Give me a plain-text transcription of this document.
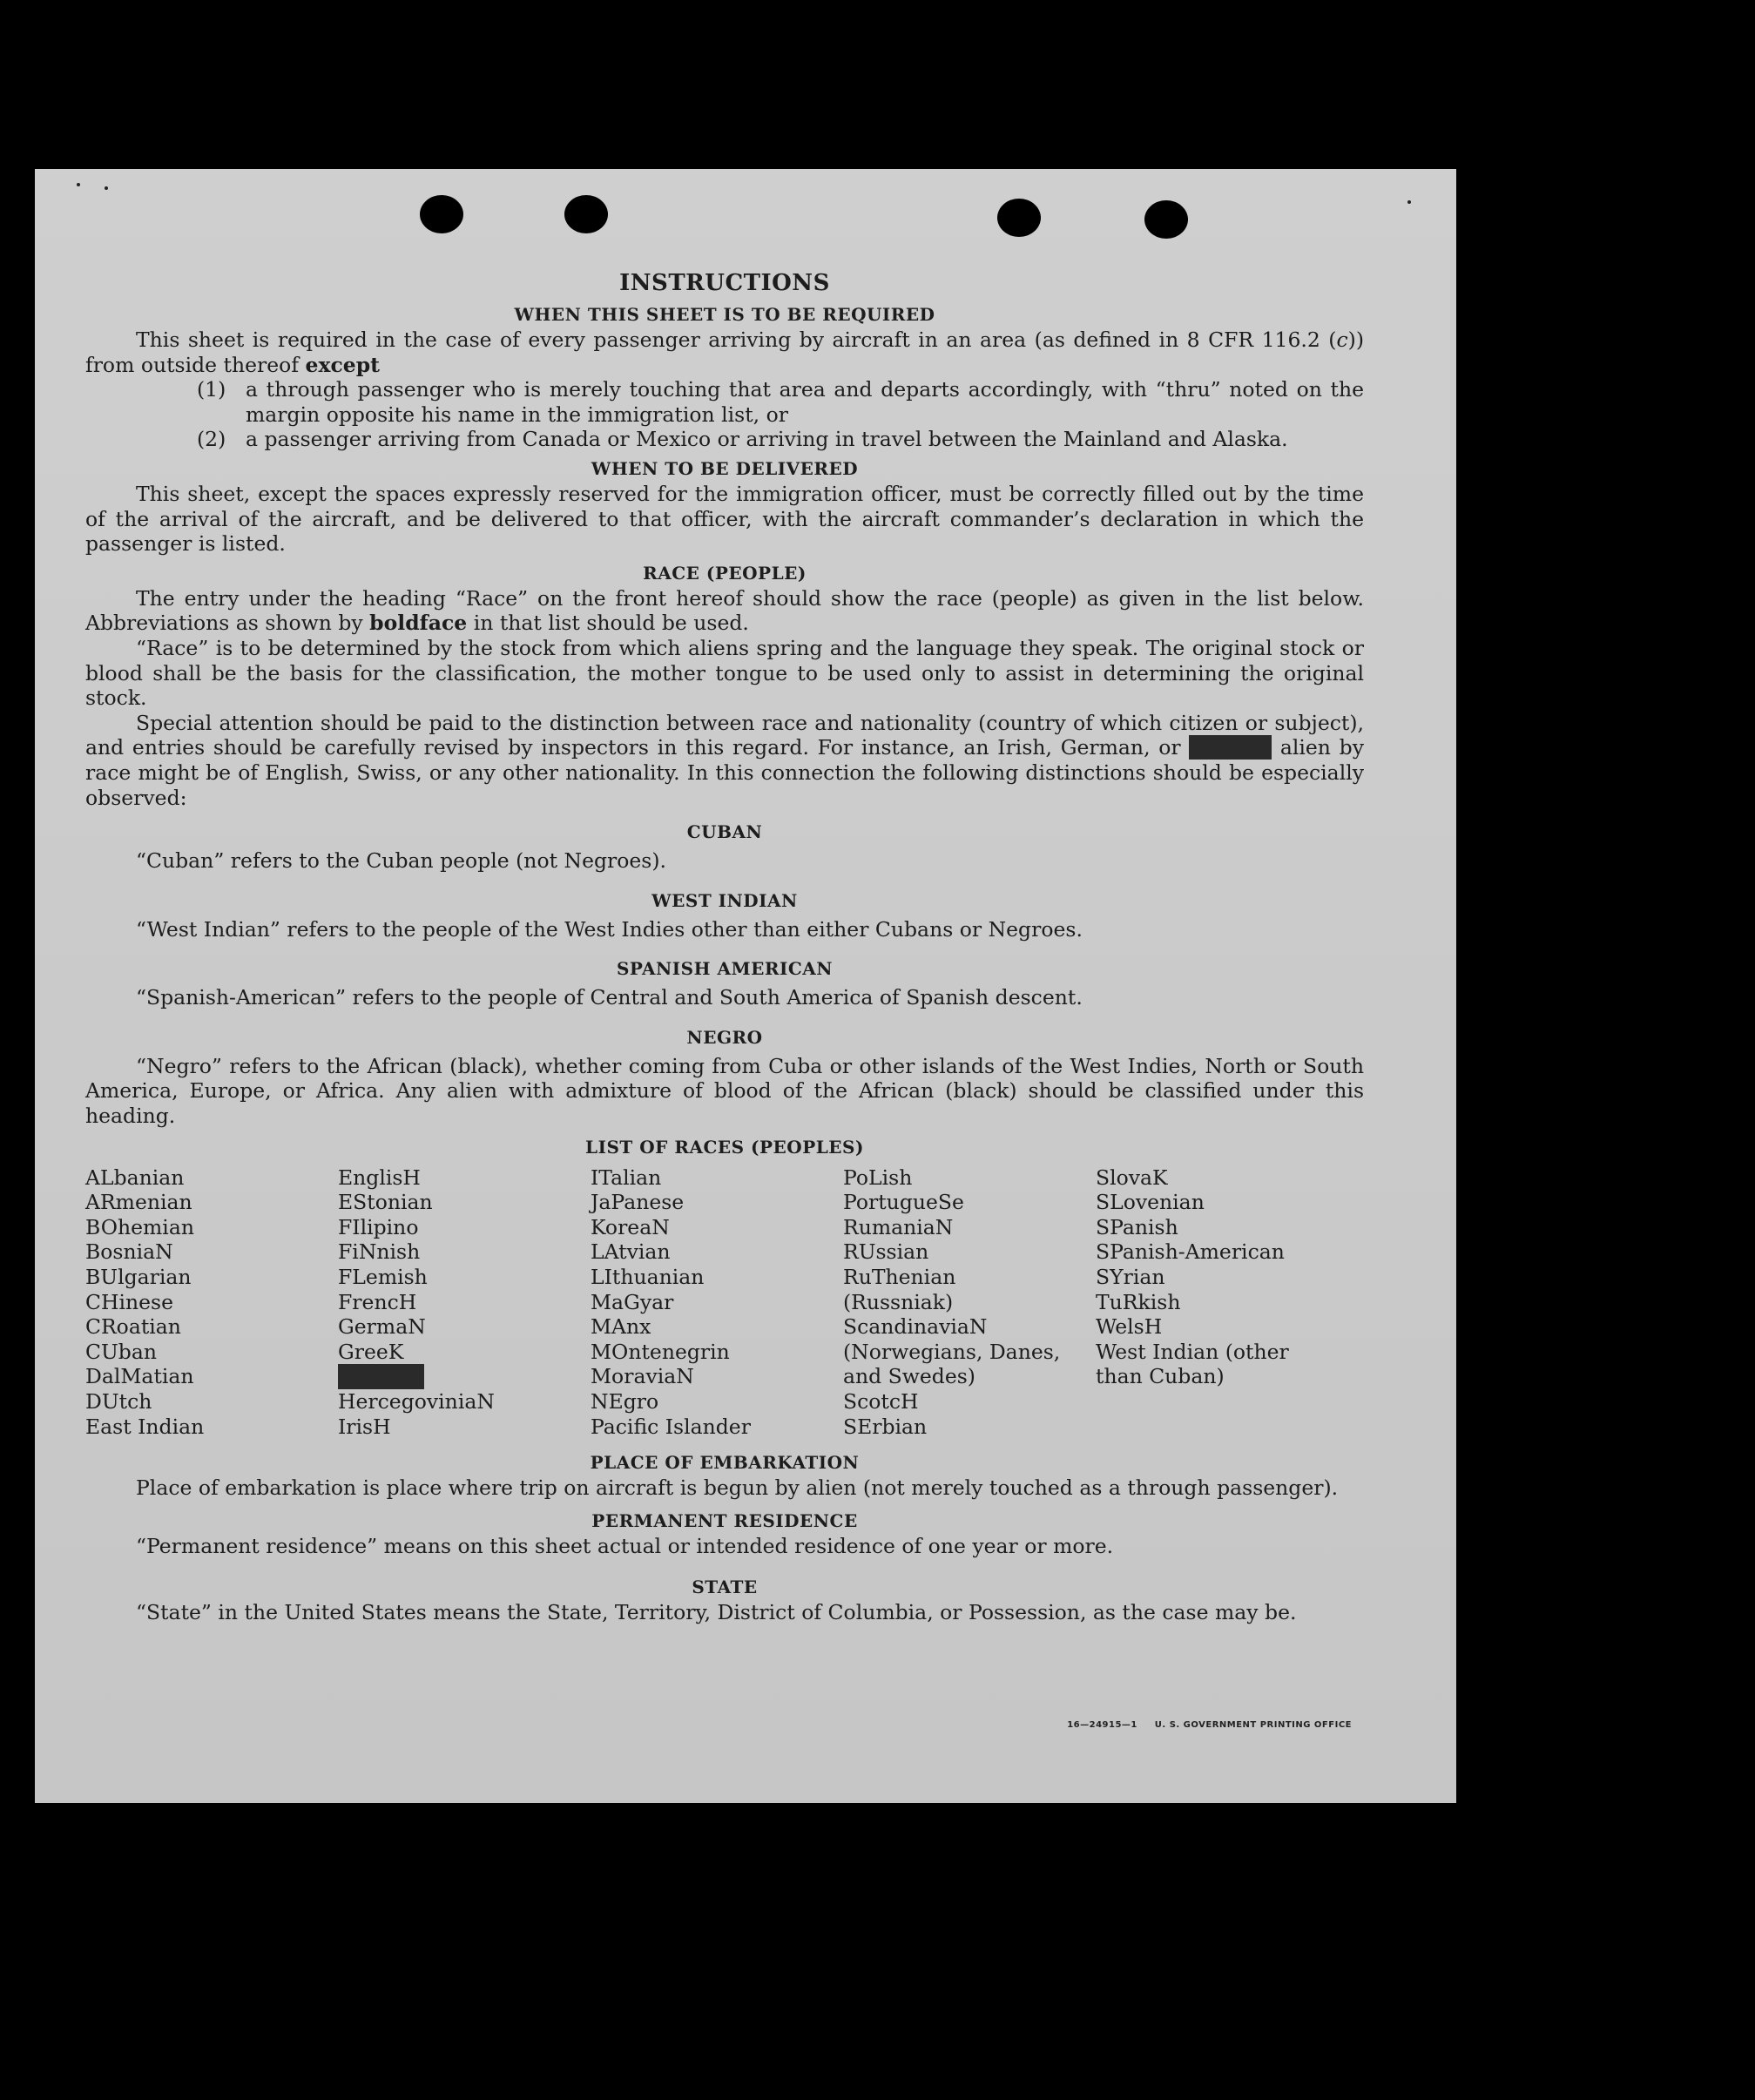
INSTRUCTIONS
WHEN THIS SHEET IS TO BE REQUIRED

This sheet is required in the case of every passenger arriving by aircraft in an area (as defined in 8 CFR 116.2 (c)) from outside thereof except

(1) a through passenger who is merely touching that area and departs accordingly, with “thru” noted on the margin opposite his name in the immigration list, or
(2) a passenger arriving from Canada or Mexico or arriving in travel between the Mainland and Alaska.
WHEN TO BE DELIVERED

This sheet, except the spaces expressly reserved for the immigration officer, must be correctly filled out by the time of the arrival of the aircraft, and be delivered to that officer, with the aircraft commander’s declaration in which the passenger is listed.

RACE (PEOPLE)

The entry under the heading “Race” on the front hereof should show the race (people) as given in the list below. Abbreviations as shown by boldface in that list should be used.

“Race” is to be determined by the stock from which aliens spring and the language they speak. The original stock or blood shall be the basis for the classification, the mother tongue to be used only to assist in determining the original stock.

Special attention should be paid to the distinction between race and nationality (country of which citizen or subject), and entries should be carefully revised by inspectors in this regard. For instance, an Irish, German, or Hebrew alien by race might be of English, Swiss, or any other nationality. In this connection the following distinctions should be especially observed:

CUBAN

“Cuban” refers to the Cuban people (not Negroes).

WEST INDIAN

“West Indian” refers to the people of the West Indies other than either Cubans or Negroes.

SPANISH AMERICAN

“Spanish-American” refers to the people of Central and South America of Spanish descent.

NEGRO

“Negro” refers to the African (black), whether coming from Cuba or other islands of the West Indies, North or South America, Europe, or Africa. Any alien with admixture of blood of the African (black) should be classified under this heading.

LIST OF RACES (PEOPLES)
ALbanian
ARmenian
BOhemian
BosniaN
BUlgarian
CHinese
CRoatian
CUban
DalMatian
DUtch
East Indian
EnglisH
EStonian
FIlipino
FiNnish
FLemish
FrencH
GermaN
GreeK
HebreW
HercegoviniaN
IrisH
ITalian
JaPanese
KoreaN
LAtvian
LIthuanian
MaGyar
MAnx
MOntenegrin
MoraviaN
NEgro
Pacific Islander
PoLish
PortugueSe
RumaniaN
RUssian
RuThenian (Russniak)
ScandinaviaN (Norwegians, Danes, and Swedes)
ScotcH
SErbian
SlovaK
SLovenian
SPanish
SPanish-American
SYrian
TuRkish
WelsH
West Indian (other than Cuban)
PLACE OF EMBARKATION

Place of embarkation is place where trip on aircraft is begun by alien (not merely touched as a through passenger).

PERMANENT RESIDENCE

“Permanent residence” means on this sheet actual or intended residence of one year or more.

STATE

“State” in the United States means the State, Territory, District of Columbia, or Possession, as the case may be.

16—24915—1 U. S. GOVERNMENT PRINTING OFFICE
